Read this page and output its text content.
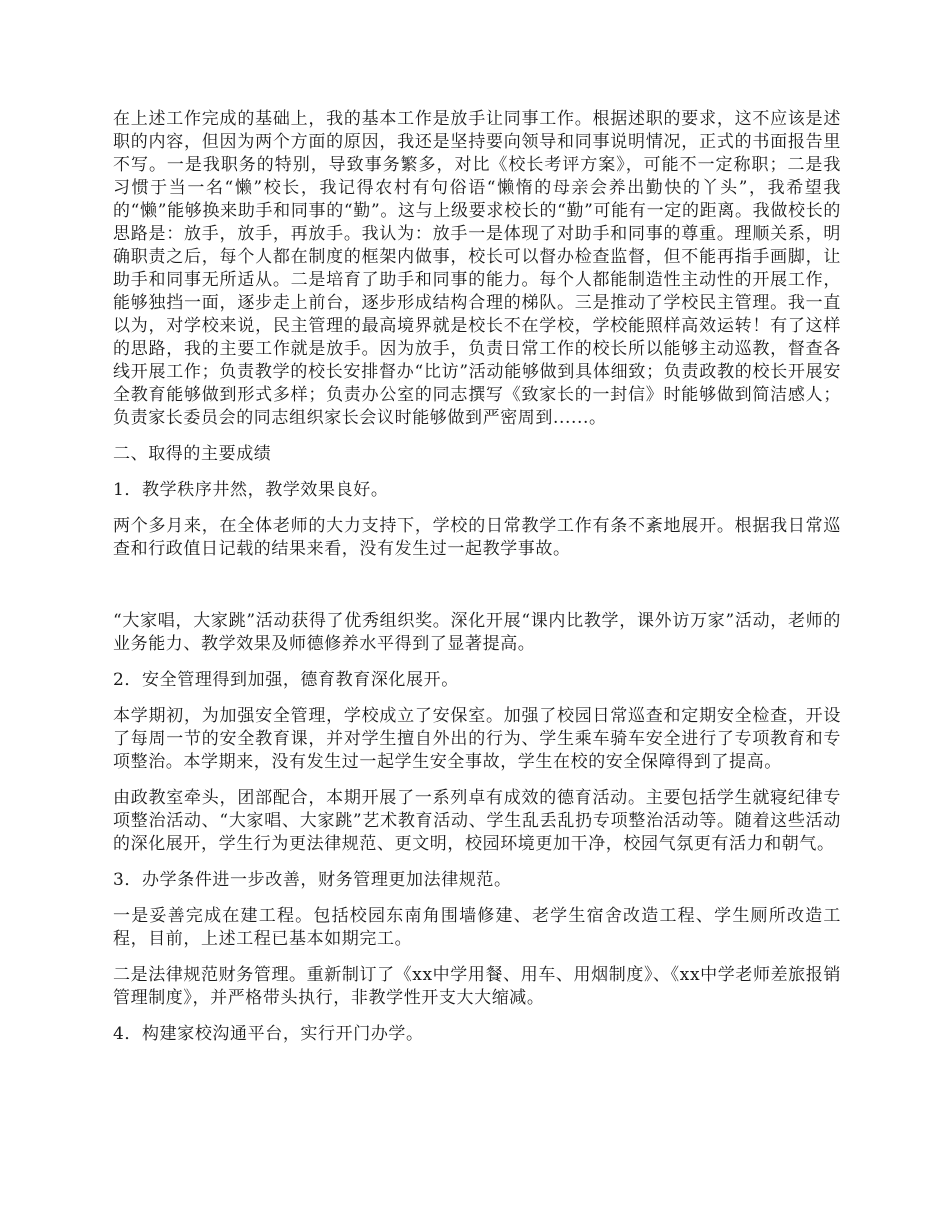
在上述工作完成的基础上，我的基本工作是放手让同事工作。根据述职的要求，这不应该是述职的内容，但因为两个方面的原因，我还是坚持要向领导和同事说明情况，正式的书面报告里不写。一是我职务的特别，导致事务繁多，对比《校长考评方案》，可能不一定称职；二是我习惯于当一名“懒”校长，我记得农村有句俗语“懒惰的母亲会养出勤快的丫头”，我希望我的“懒”能够换来助手和同事的“勤”。这与上级要求校长的“勤”可能有一定的距离。我做校长的思路是：放手，放手，再放手。我认为：放手一是体现了对助手和同事的尊重。理顺关系，明确职责之后，每个人都在制度的框架内做事，校长可以督办检查监督，但不能再指手画脚，让助手和同事无所适从。二是培育了助手和同事的能力。每个人都能制造性主动性的开展工作，能够独挡一面，逐步走上前台，逐步形成结构合理的梯队。三是推动了学校民主管理。我一直以为，对学校来说，民主管理的最高境界就是校长不在学校，学校能照样高效运转！有了这样的思路，我的主要工作就是放手。因为放手，负责日常工作的校长所以能够主动巡教，督查各线开展工作；负责教学的校长安排督办“比访”活动能够做到具体细致；负责政教的校长开展安全教育能够做到形式多样；负责办公室的同志撰写《致家长的一封信》时能够做到简洁感人；负责家长委员会的同志组织家长会议时能够做到严密周到......。

二、取得的主要成绩

1．教学秩序井然，教学效果良好。

两个多月来，在全体老师的大力支持下，学校的日常教学工作有条不紊地展开。根据我日常巡查和行政值日记载的结果来看，没有发生过一起教学事故。

“大家唱，大家跳”活动获得了优秀组织奖。深化开展“课内比教学，课外访万家”活动，老师的业务能力、教学效果及师德修养水平得到了显著提高。

2．安全管理得到加强，德育教育深化展开。

本学期初，为加强安全管理，学校成立了安保室。加强了校园日常巡查和定期安全检查，开设了每周一节的安全教育课，并对学生擅自外出的行为、学生乘车骑车安全进行了专项教育和专项整治。本学期来，没有发生过一起学生安全事故，学生在校的安全保障得到了提高。

由政教室牵头，团部配合，本期开展了一系列卓有成效的德育活动。主要包括学生就寝纪律专项整治活动、“大家唱、大家跳”艺术教育活动、学生乱丢乱扔专项整治活动等。随着这些活动的深化展开，学生行为更法律规范、更文明，校园环境更加干净，校园气氛更有活力和朝气。

3．办学条件进一步改善，财务管理更加法律规范。

一是妥善完成在建工程。包括校园东南角围墙修建、老学生宿舍改造工程、学生厕所改造工程，目前，上述工程已基本如期完工。

二是法律规范财务管理。重新制订了《xx中学用餐、用车、用烟制度》、《xx中学老师差旅报销管理制度》，并严格带头执行，非教学性开支大大缩减。

4．构建家校沟通平台，实行开门办学。
